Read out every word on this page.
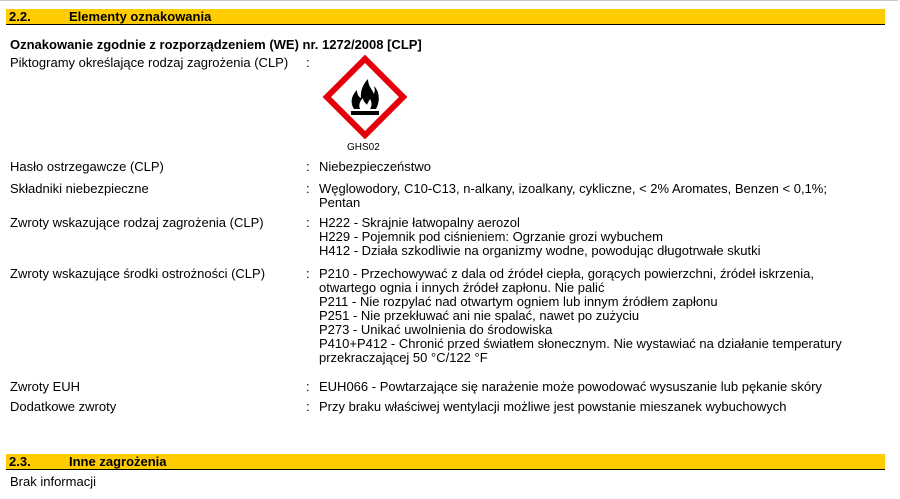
2.2.	Elementy oznakowania
Oznakowanie zgodnie z rozporządzeniem (WE) nr. 1272/2008 [CLP]
Piktogramy określające rodzaj zagrożenia (CLP) :
GHS02
Hasło ostrzegawcze (CLP)	: Niebezpieczeństwo
Składniki niebezpieczne	: Węglowodory, C10-C13, n-alkany, izoalkany, cykliczne, < 2% Aromates, Benzen < 0,1%;
Pentan
Zwroty wskazujące rodzaj zagrożenia (CLP)	: H222 - Skrajnie łatwopalny aerozol
H229 - Pojemnik pod ciśnieniem: Ogrzanie grozi wybuchem
H412 - Działa szkodliwie na organizmy wodne, powodując długotrwałe skutki
Zwroty wskazujące środki ostrożności (CLP)	: P210 - Przechowywać z dala od źródeł ciepła, gorących powierzchni, źródeł iskrzenia,
otwartego ognia i innych źródeł zapłonu. Nie palić
P211 - Nie rozpylać nad otwartym ogniem lub innym źródłem zapłonu
P251 - Nie przekłuwać ani nie spalać, nawet po zużyciu
P273 - Unikać uwolnienia do środowiska
P410+P412 - Chronić przed światłem słonecznym. Nie wystawiać na działanie temperatury
przekraczającej 50 °C/122 °F
Zwroty EUH	: EUH066 - Powtarzające się narażenie może powodować wysuszanie lub pękanie skóry
Dodatkowe zwroty	: Przy braku właściwej wentylacji możliwe jest powstanie mieszanek wybuchowych
2.3.	Inne zagrożenia
Brak informacji
